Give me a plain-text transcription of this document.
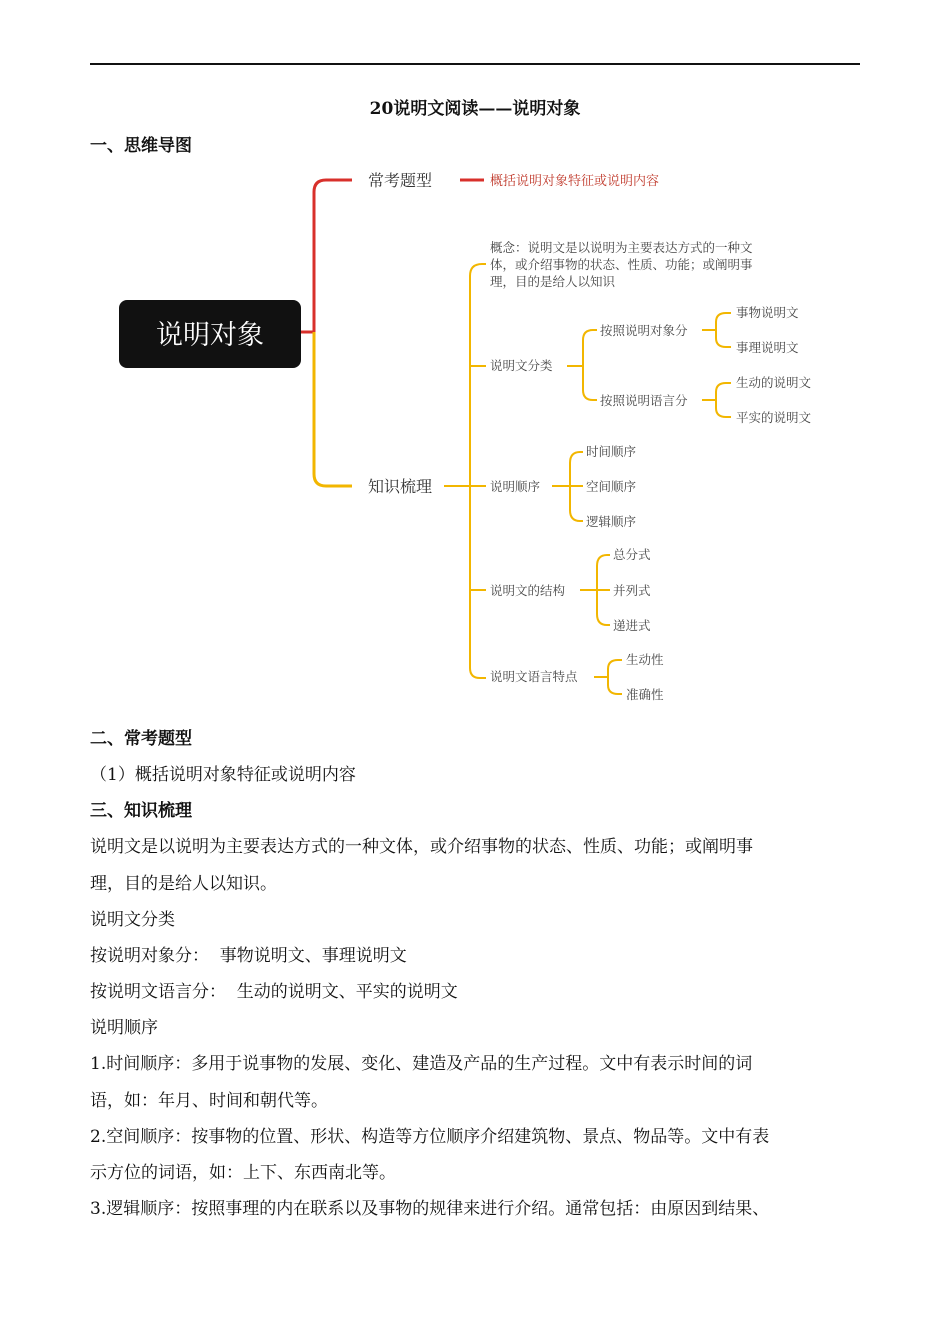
20说明文阅读——说明对象
一、思维导图
说明对象
常考题型	概括说明对象特征或说明内容
知识梳理
概念：说明文是以说明为主要表达方式的一种文
体，或介绍事物的状态、性质、功能；或阐明事
理，目的是给人以知识
说明文分类
按照说明对象分
按照说明语言分
事物说明文
事理说明文
生动的说明文
平实的说明文
说明顺序
时间顺序
空间顺序
逻辑顺序
说明文的结构
总分式
并列式
递进式
说明文语言特点
生动性
准确性
二、常考题型
（1）概括说明对象特征或说明内容
三、知识梳理
说明文是以说明为主要表达方式的一种文体，或介绍事物的状态、性质、功能；或阐明事
理，目的是给人以知识。
说明文分类
按说明对象分：  事物说明文、事理说明文
按说明文语言分：  生动的说明文、平实的说明文
说明顺序
1.时间顺序：多用于说事物的发展、变化、建造及产品的生产过程。文中有表示时间的词
语，如：年月、时间和朝代等。
2.空间顺序：按事物的位置、形状、构造等方位顺序介绍建筑物、景点、物品等。文中有表
示方位的词语，如：上下、东西南北等。
3.逻辑顺序：按照事理的内在联系以及事物的规律来进行介绍。通常包括：由原因到结果、
